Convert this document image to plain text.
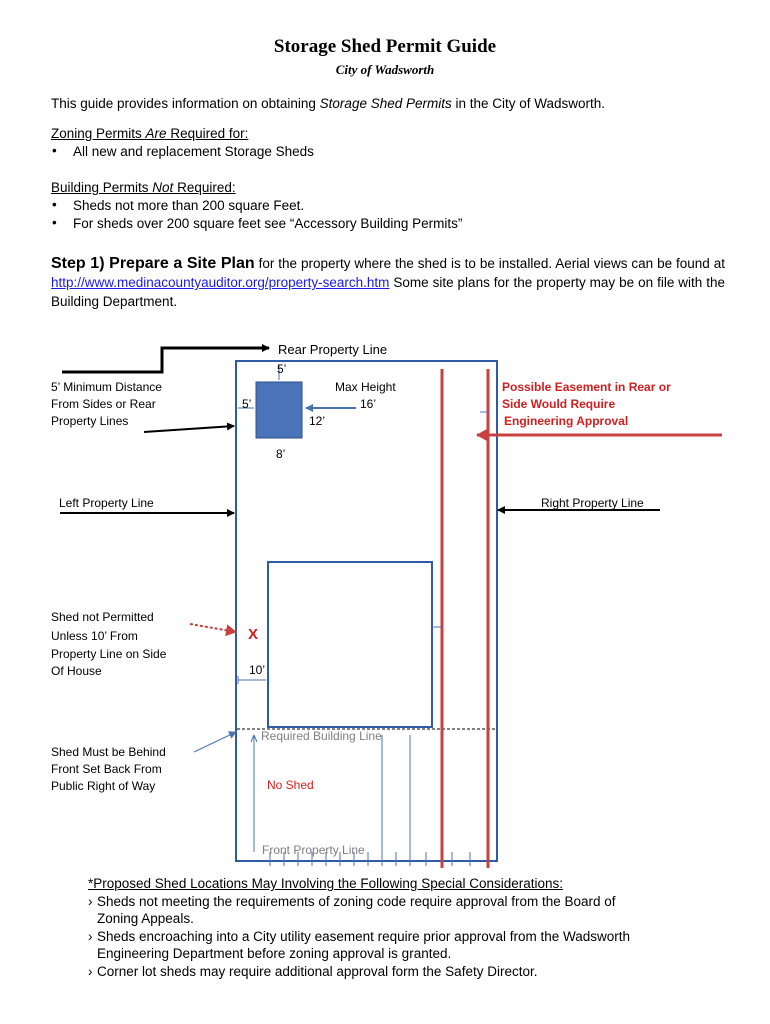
Storage Shed Permit Guide
City of Wadsworth
This guide provides information on obtaining Storage Shed Permits in the City of Wadsworth.
Zoning Permits Are Required for:
• All new and replacement Storage Sheds
Building Permits Not Required:
• Sheds not more than 200 square Feet.
• For sheds over 200 square feet see “Accessory Building Permits”
Step 1) Prepare a Site Plan for the property where the shed is to be installed. Aerial views can be found at http://www.medinacountyauditor.org/property-search.htm Some site plans for the property may be on file with the Building Department.
Rear Property Line
5’
5’ Minimum Distance
From Sides or Rear
Property Lines
5’
Max Height
16’
12’
8’
Possible Easement in Rear or
Side Would Require
Engineering Approval
Left Property Line	Right Property Line
Shed not Permitted
Unless 10’ From
Property Line on Side
Of House
X
10’
Required Building Line
Shed Must be Behind
Front Set Back From
Public Right of Way	No Shed
Front Property Line
*Proposed Shed Locations May Involving the Following Special Considerations:
› Sheds not meeting the requirements of zoning code require approval from the Board of
Zoning Appeals.
› Sheds encroaching into a City utility easement require prior approval from the Wadsworth
Engineering Department before zoning approval is granted.
› Corner lot sheds may require additional approval form the Safety Director.
